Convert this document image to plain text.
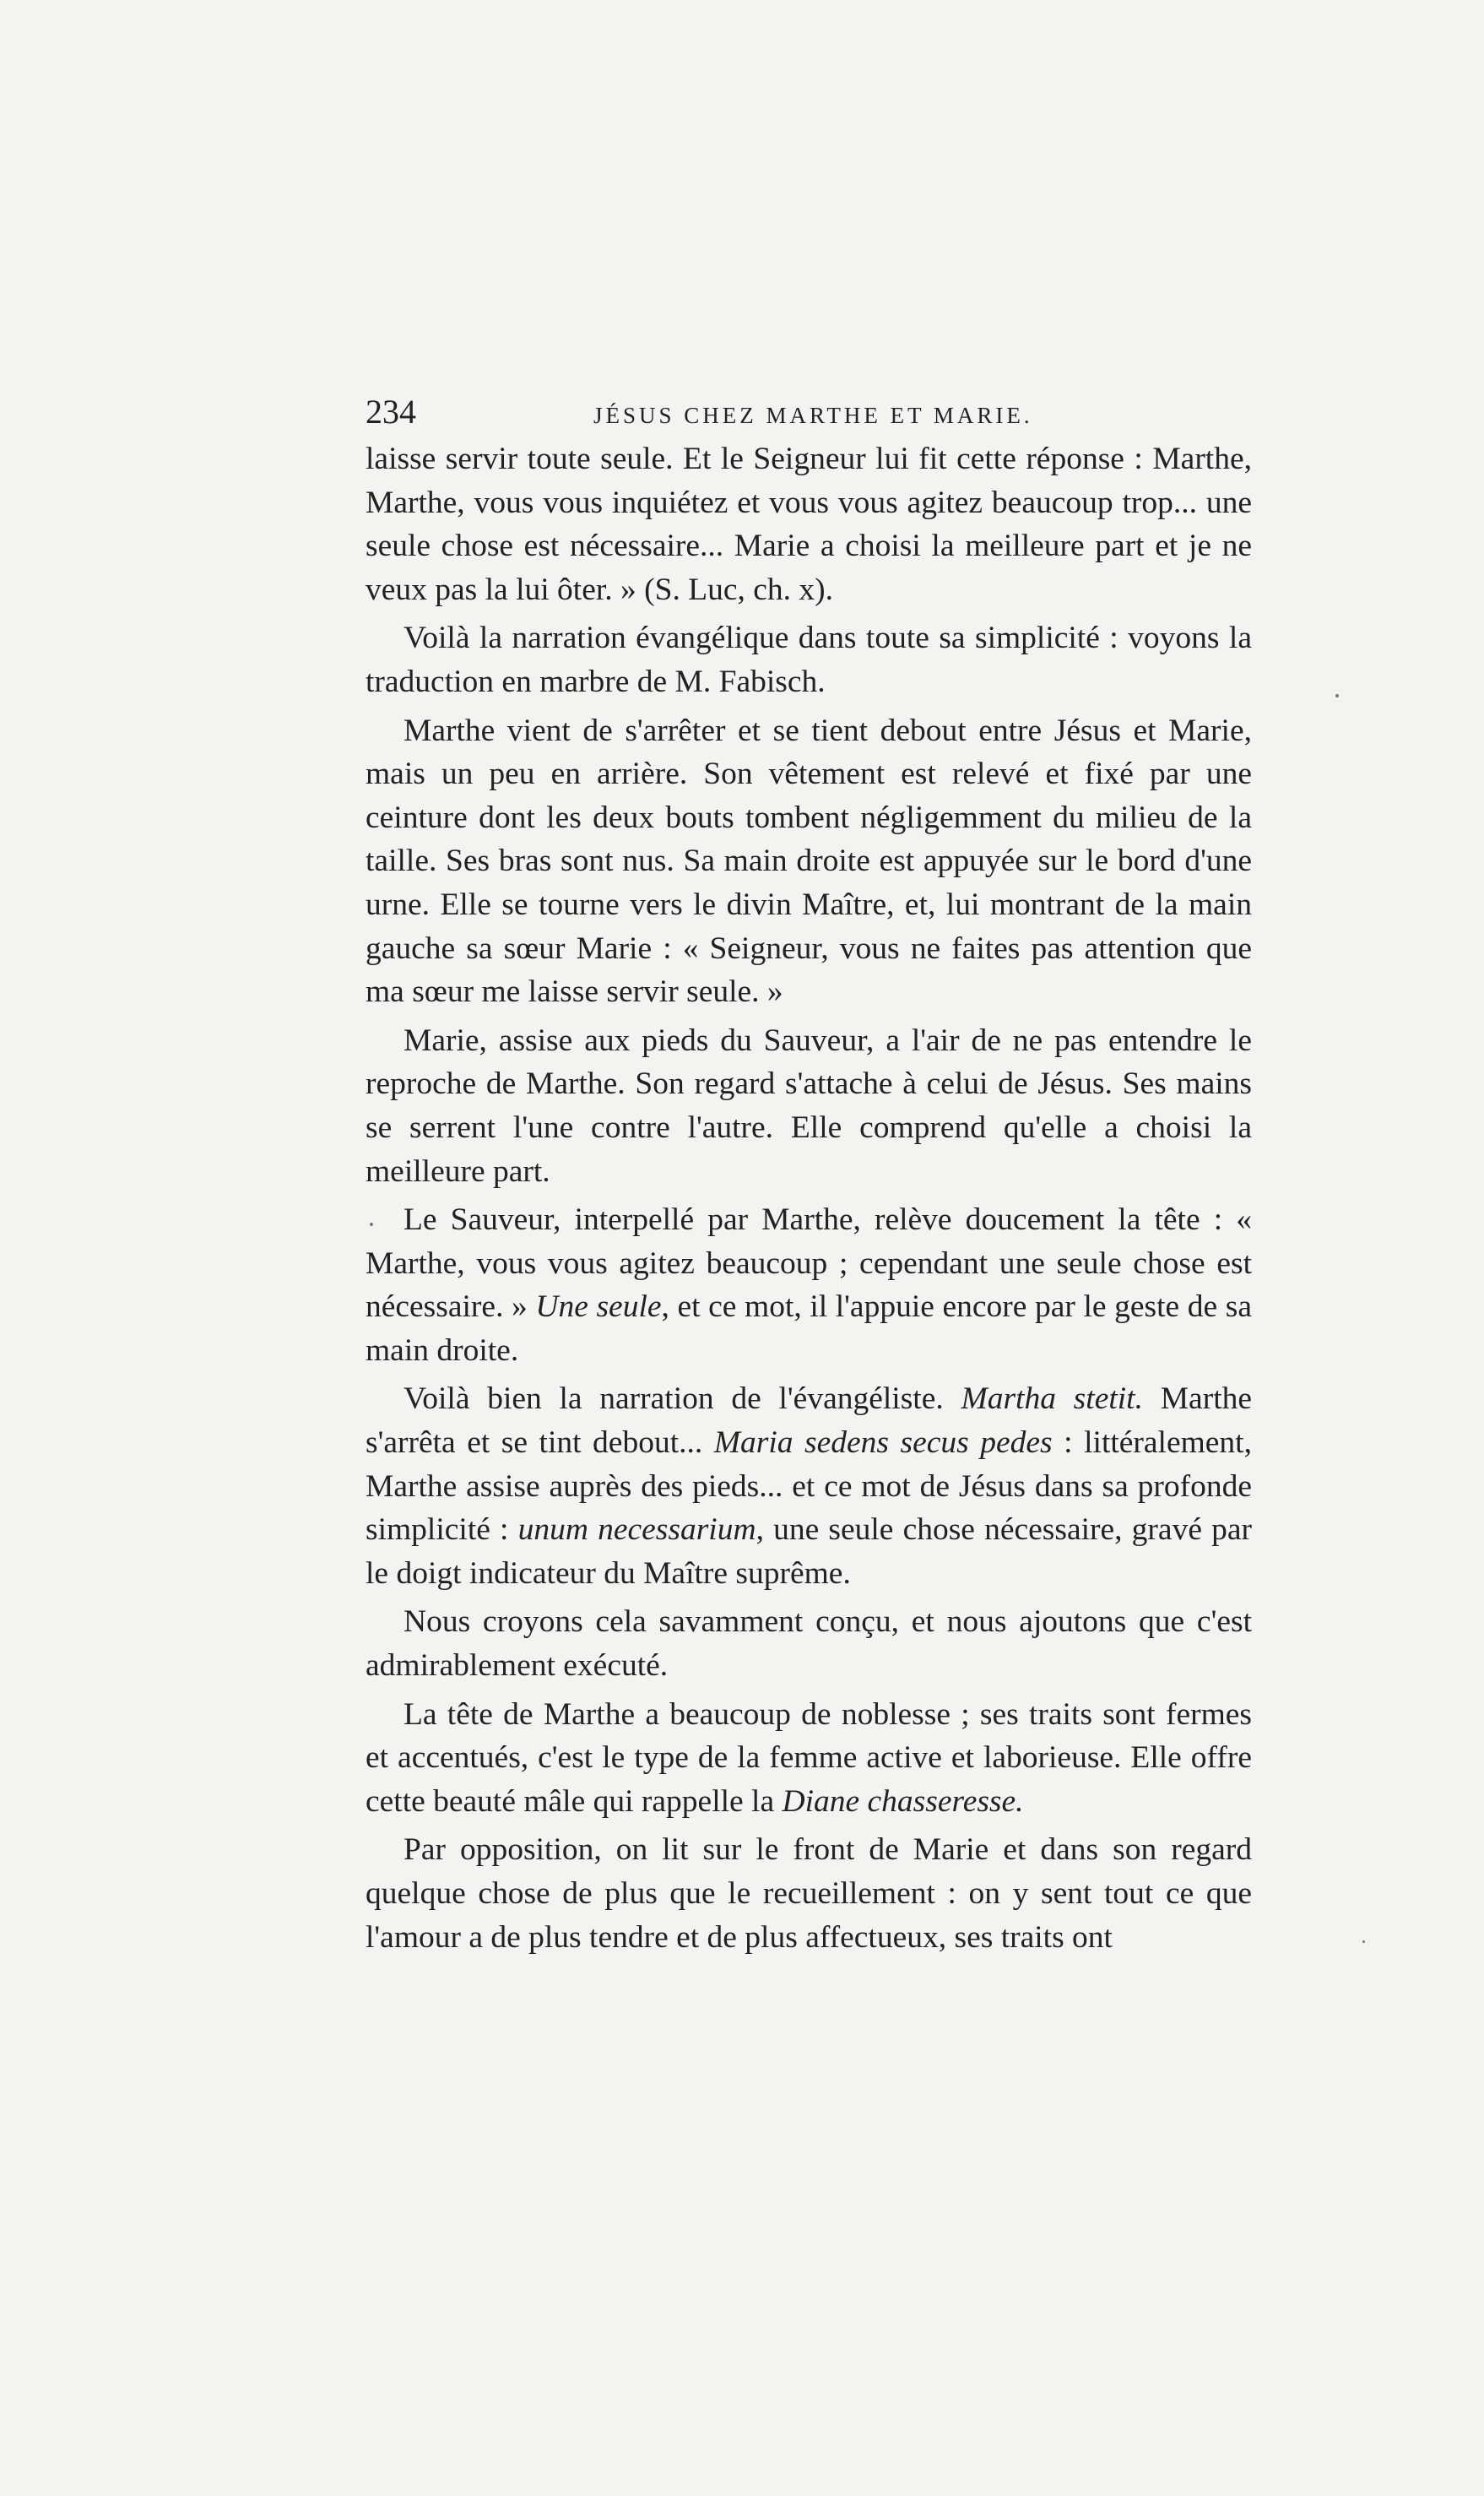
234	JÉSUS CHEZ MARTHE ET MARIE.

laisse servir toute seule. Et le Seigneur lui fit cette réponse : Marthe, Marthe, vous vous inquiétez et vous vous agitez beaucoup trop... une seule chose est nécessaire... Marie a choisi la meilleure part et je ne veux pas la lui ôter. » (S. Luc, ch. x).

Voilà la narration évangélique dans toute sa simplicité : voyons la traduction en marbre de M. Fabisch.

Marthe vient de s'arrêter et se tient debout entre Jésus et Marie, mais un peu en arrière. Son vêtement est relevé et fixé par une ceinture dont les deux bouts tombent négligemment du milieu de la taille. Ses bras sont nus. Sa main droite est appuyée sur le bord d'une urne. Elle se tourne vers le divin Maître, et, lui montrant de la main gauche sa sœur Marie : « Seigneur, vous ne faites pas attention que ma sœur me laisse servir seule. »

Marie, assise aux pieds du Sauveur, a l'air de ne pas entendre le reproche de Marthe. Son regard s'attache à celui de Jésus. Ses mains se serrent l'une contre l'autre. Elle comprend qu'elle a choisi la meilleure part.

Le Sauveur, interpellé par Marthe, relève doucement la tête : « Marthe, vous vous agitez beaucoup ; cependant une seule chose est nécessaire. » Une seule, et ce mot, il l'appuie encore par le geste de sa main droite.

Voilà bien la narration de l'évangéliste. Martha stetit. Marthe s'arrêta et se tint debout... Maria sedens secus pedes : littéralement, Marthe assise auprès des pieds... et ce mot de Jésus dans sa profonde simplicité : unum necessarium, une seule chose nécessaire, gravé par le doigt indicateur du Maître suprême.

Nous croyons cela savamment conçu, et nous ajoutons que c'est admirablement exécuté.

La tête de Marthe a beaucoup de noblesse ; ses traits sont fermes et accentués, c'est le type de la femme active et laborieuse. Elle offre cette beauté mâle qui rappelle la Diane chasseresse.

Par opposition, on lit sur le front de Marie et dans son regard quelque chose de plus que le recueillement : on y sent tout ce que l'amour a de plus tendre et de plus affectueux, ses traits ont
